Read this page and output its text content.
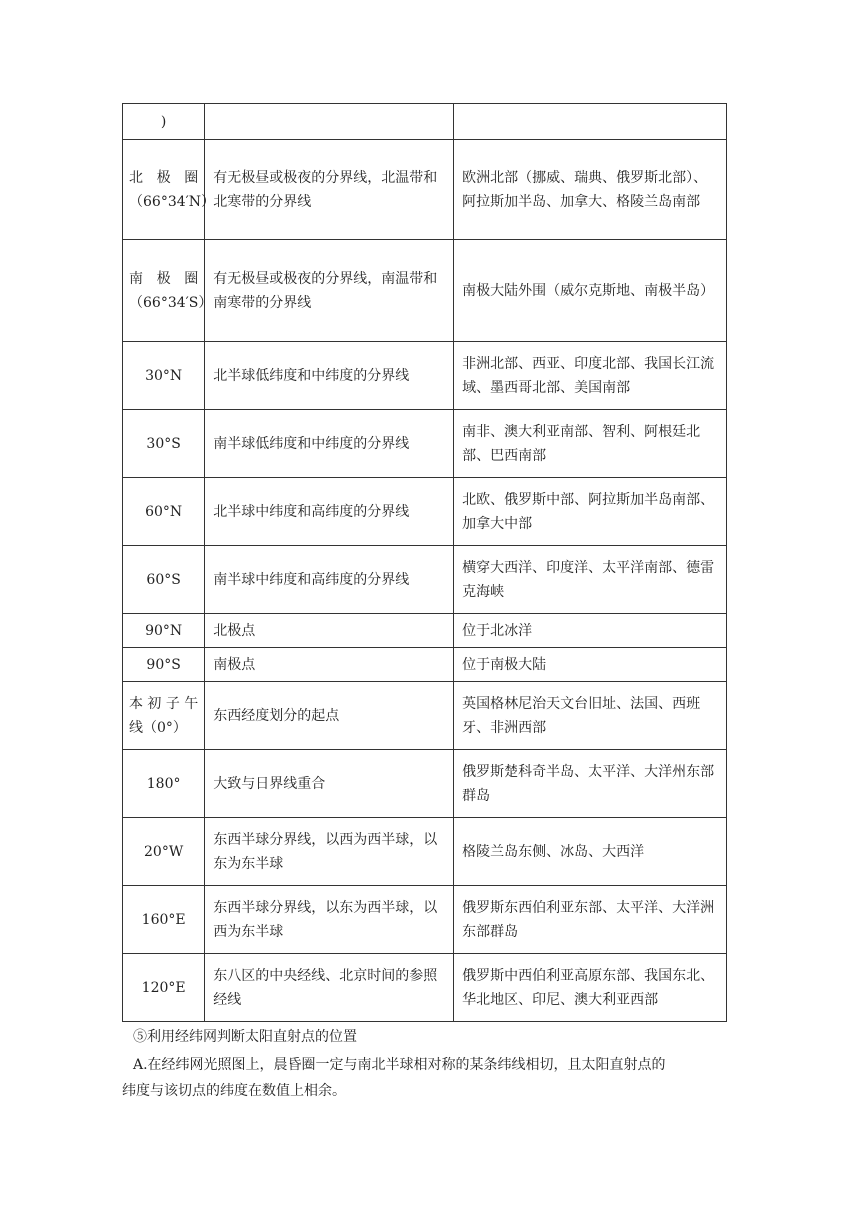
)		

北极圈
（66°34′N）	有无极昼或极夜的分界线，北温带和北寒带的分界线	欧洲北部（挪威、瑞典、俄罗斯北部）、阿拉斯加半岛、加拿大、格陵兰岛南部

南极圈
（66°34′S）	有无极昼或极夜的分界线，南温带和南寒带的分界线	南极大陆外围（威尔克斯地、南极半岛）
30°N	北半球低纬度和中纬度的分界线	非洲北部、西亚、印度北部、我国长江流域、墨西哥北部、美国南部
30°S	南半球低纬度和中纬度的分界线	南非、澳大利亚南部、智利、阿根廷北部、巴西南部
60°N	北半球中纬度和高纬度的分界线	北欧、俄罗斯中部、阿拉斯加半岛南部、加拿大中部
60°S	南半球中纬度和高纬度的分界线	横穿大西洋、印度洋、太平洋南部、德雷克海峡
90°N	北极点	位于北冰洋
90°S	南极点	位于南极大陆

本初子午
线（0°）	东西经度划分的起点	英国格林尼治天文台旧址、法国、西班牙、非洲西部
180°	大致与日界线重合	俄罗斯楚科奇半岛、太平洋、大洋州东部群岛
20°W	东西半球分界线，以西为西半球，以东为东半球	格陵兰岛东侧、冰岛、大西洋
160°E	东西半球分界线，以东为西半球，以西为东半球	俄罗斯东西伯利亚东部、太平洋、大洋洲东部群岛
120°E	东八区的中央经线、北京时间的参照经线	俄罗斯中西伯利亚高原东部、我国东北、华北地区、印尼、澳大利亚西部
⑤利用经纬网判断太阳直射点的位置
A.在经纬网光照图上，晨昏圈一定与南北半球相对称的某条纬线相切，且太阳直射点的
纬度与该切点的纬度在数值上相余。
